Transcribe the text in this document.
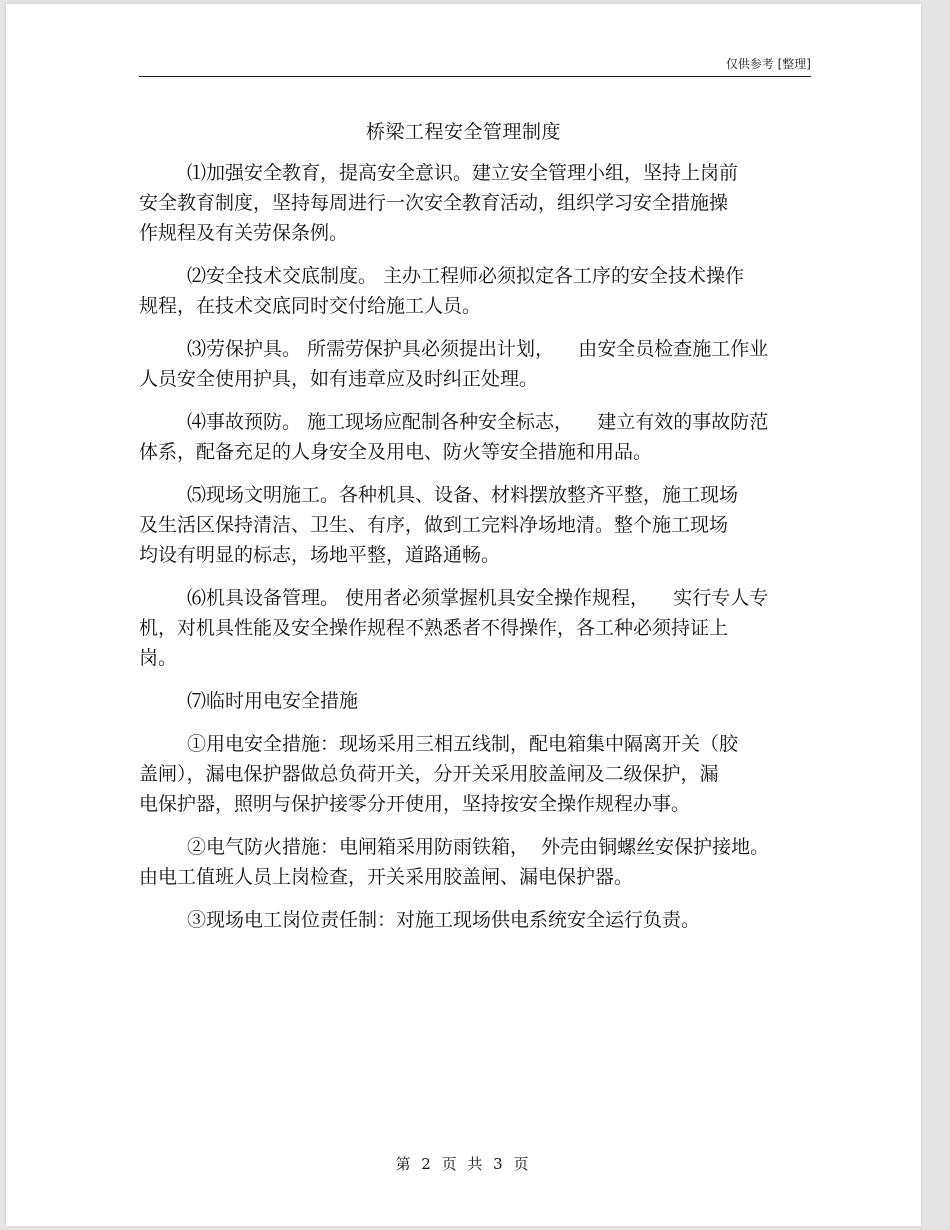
仅供参考 [整理]
桥梁工程安全管理制度
⑴加强安全教育，提高安全意识。建立安全管理小组，坚持上岗前
安全教育制度，坚持每周进行一次安全教育活动，组织学习安全措施操
作规程及有关劳保条例。
⑵安全技术交底制度。 主办工程师必须拟定各工序的安全技术操作
规程，在技术交底同时交付给施工人员。
⑶劳保护具。 所需劳保护具必须提出计划，    由安全员检查施工作业
人员安全使用护具，如有违章应及时纠正处理。
⑷事故预防。 施工现场应配制各种安全标志，    建立有效的事故防范
体系，配备充足的人身安全及用电、防火等安全措施和用品。
⑸现场文明施工。各种机具、设备、材料摆放整齐平整，施工现场
及生活区保持清洁、卫生、有序，做到工完料净场地清。整个施工现场
均设有明显的标志，场地平整，道路通畅。
⑹机具设备管理。 使用者必须掌握机具安全操作规程，    实行专人专
机，对机具性能及安全操作规程不熟悉者不得操作，各工种必须持证上
岗。
⑺临时用电安全措施
①用电安全措施：现场采用三相五线制，配电箱集中隔离开关（胶
盖闸），漏电保护器做总负荷开关，分开关采用胶盖闸及二级保护，漏
电保护器，照明与保护接零分开使用，坚持按安全操作规程办事。
②电气防火措施：电闸箱采用防雨铁箱，  外壳由铜螺丝安保护接地。
由电工值班人员上岗检查，开关采用胶盖闸、漏电保护器。
③现场电工岗位责任制：对施工现场供电系统安全运行负责。
第 2 页 共 3 页
